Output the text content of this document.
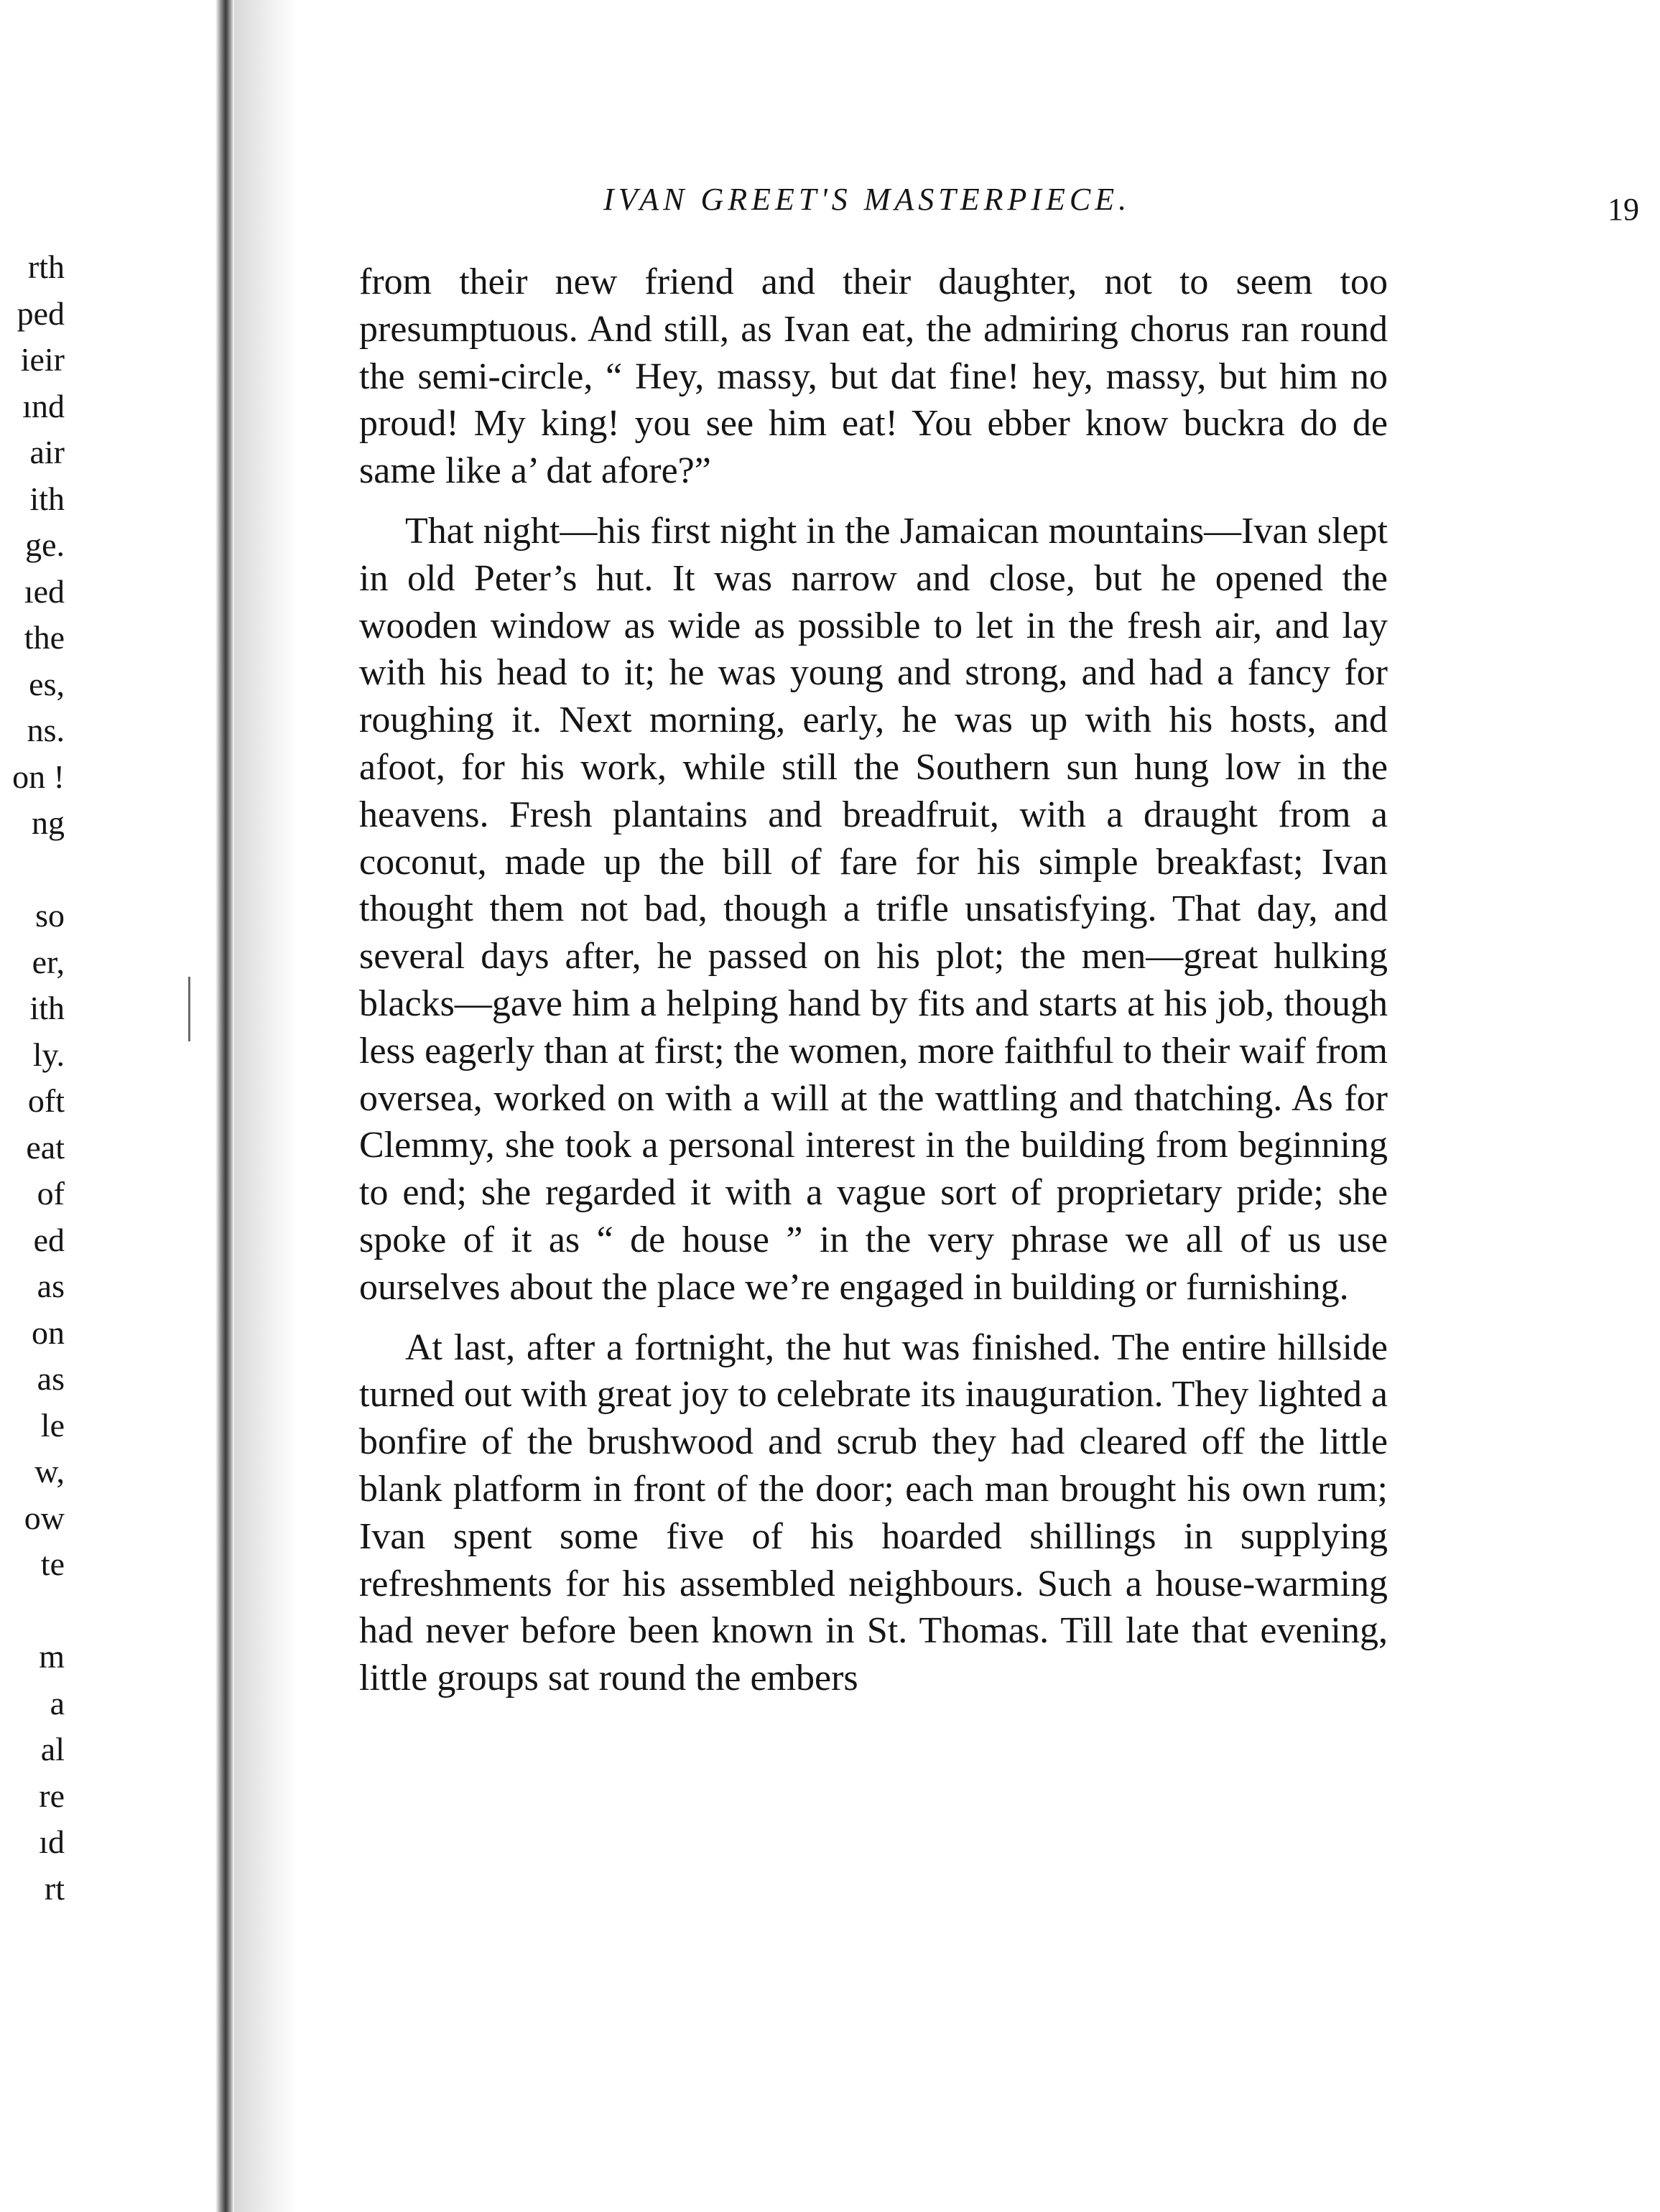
rth
ped
ieir
ınd
air
ith
ge.
ıed
the
es,
ns.
on !
ng
so
er,
ith
ly.
oft
eat
of
ed
as
on
as
le
w,
ow
te
m
a
al
re
ıd
rt
IVAN GREET'S MASTERPIECE.	19

from their new friend and their daughter, not to seem too presumptuous. And still, as Ivan eat, the admiring chorus ran round the semi-circle, “ Hey, massy, but dat fine! hey, massy, but him no proud! My king! you see him eat! You ebber know buckra do de same like a’ dat afore?”

That night—his first night in the Jamaican mountains—Ivan slept in old Peter’s hut. It was narrow and close, but he opened the wooden window as wide as possible to let in the fresh air, and lay with his head to it; he was young and strong, and had a fancy for roughing it. Next morning, early, he was up with his hosts, and afoot, for his work, while still the Southern sun hung low in the heavens. Fresh plantains and breadfruit, with a draught from a coconut, made up the bill of fare for his simple breakfast; Ivan thought them not bad, though a trifle unsatisfying. That day, and several days after, he passed on his plot; the men—great hulking blacks—gave him a helping hand by fits and starts at his job, though less eagerly than at first; the women, more faithful to their waif from oversea, worked on with a will at the wattling and thatching. As for Clemmy, she took a personal interest in the building from beginning to end; she regarded it with a vague sort of proprietary pride; she spoke of it as “ de house ” in the very phrase we all of us use ourselves about the place we’re engaged in building or furnishing.

At last, after a fortnight, the hut was finished. The entire hillside turned out with great joy to celebrate its inauguration. They lighted a bonfire of the brushwood and scrub they had cleared off the little blank platform in front of the door; each man brought his own rum; Ivan spent some five of his hoarded shillings in supplying refreshments for his assembled neighbours. Such a house-warming had never before been known in St. Thomas. Till late that evening, little groups sat round the embers
